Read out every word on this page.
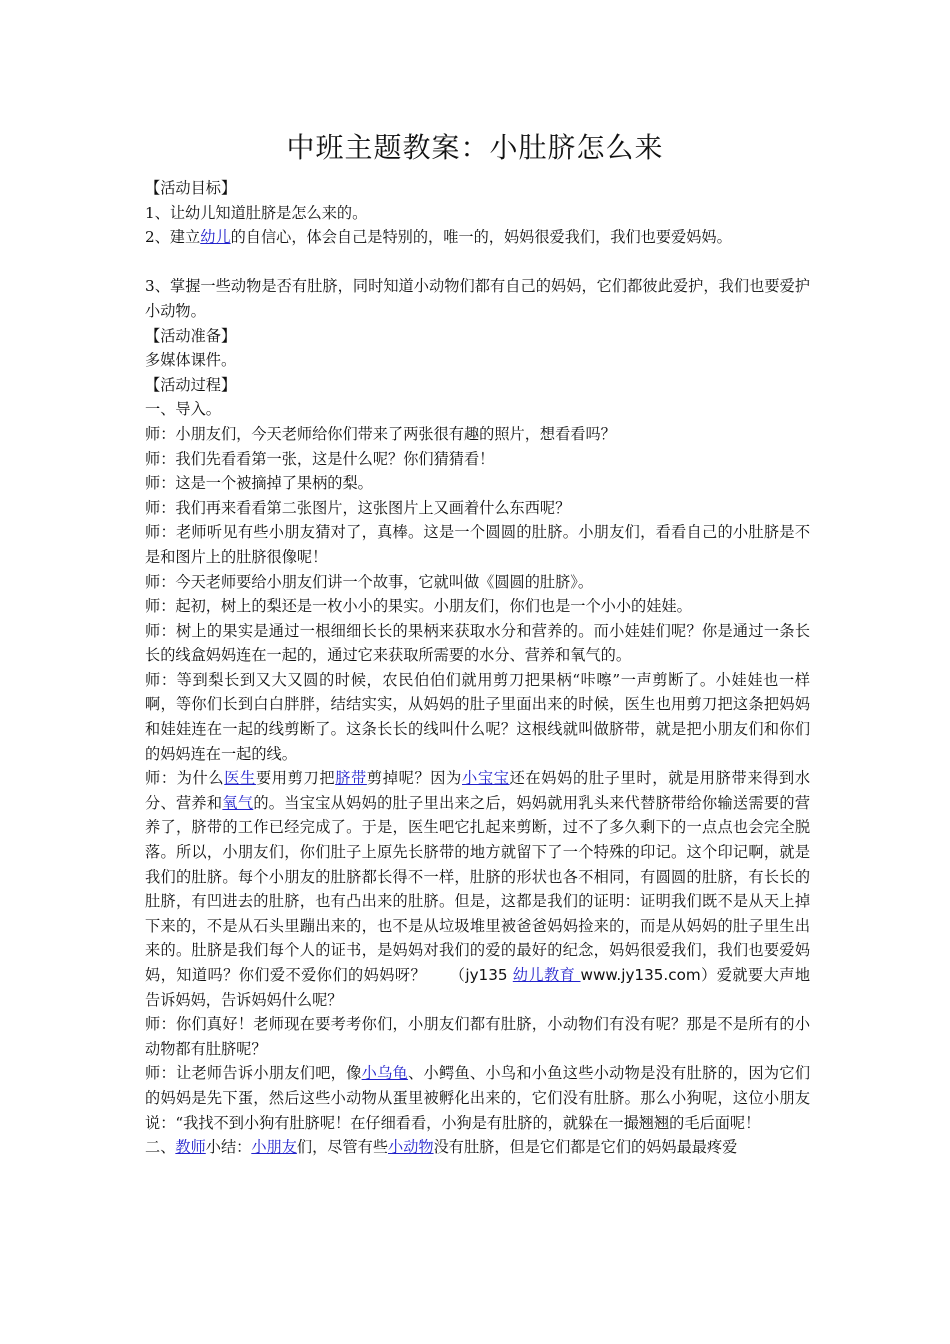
中班主题教案：小肚脐怎么来

【活动目标】

1、让幼儿知道肚脐是怎么来的。

2、建立幼儿的自信心，体会自己是特别的，唯一的，妈妈很爱我们，我们也要爱妈妈。

3、掌握一些动物是否有肚脐，同时知道小动物们都有自己的妈妈，它们都彼此爱护，我们也要爱护小动物。

【活动准备】

多媒体课件。

【活动过程】

一、导入。

师：小朋友们，今天老师给你们带来了两张很有趣的照片，想看看吗？

师：我们先看看第一张，这是什么呢？你们猜猜看！

师：这是一个被摘掉了果柄的梨。

师：我们再来看看第二张图片，这张图片上又画着什么东西呢？

师：老师听见有些小朋友猜对了，真棒。这是一个圆圆的肚脐。小朋友们，看看自己的小肚脐是不是和图片上的肚脐很像呢！

师：今天老师要给小朋友们讲一个故事，它就叫做《圆圆的肚脐》。

师：起初，树上的梨还是一枚小小的果实。小朋友们，你们也是一个小小的娃娃。

师：树上的果实是通过一根细细长长的果柄来获取水分和营养的。而小娃娃们呢？你是通过一条长长的线盒妈妈连在一起的，通过它来获取所需要的水分、营养和氧气的。

师：等到梨长到又大又圆的时候，农民伯伯们就用剪刀把果柄“咔嚓”一声剪断了。小娃娃也一样啊，等你们长到白白胖胖，结结实实，从妈妈的肚子里面出来的时候，医生也用剪刀把这条把妈妈和娃娃连在一起的线剪断了。这条长长的线叫什么呢？这根线就叫做脐带，就是把小朋友们和你们的妈妈连在一起的线。

师：为什么医生要用剪刀把脐带剪掉呢？因为小宝宝还在妈妈的肚子里时，就是用脐带来得到水分、营养和氧气的。当宝宝从妈妈的肚子里出来之后，妈妈就用乳头来代替脐带给你输送需要的营养了，脐带的工作已经完成了。于是，医生吧它扎起来剪断，过不了多久剩下的一点点也会完全脱落。所以，小朋友们，你们肚子上原先长脐带的地方就留下了一个特殊的印记。这个印记啊，就是我们的肚脐。每个小朋友的肚脐都长得不一样，肚脐的形状也各不相同，有圆圆的肚脐，有长长的肚脐，有凹进去的肚脐，也有凸出来的肚脐。但是，这都是我们的证明：证明我们既不是从天上掉下来的，不是从石头里蹦出来的，也不是从垃圾堆里被爸爸妈妈捡来的，而是从妈妈的肚子里生出来的。肚脐是我们每个人的证书，是妈妈对我们的爱的最好的纪念，妈妈很爱我们，我们也要爱妈妈，知道吗？你们爱不爱你们的妈妈呀？　　（jy135 幼儿教育 www.jy135.com）爱就要大声地告诉妈妈，告诉妈妈什么呢？

师：你们真好！老师现在要考考你们，小朋友们都有肚脐，小动物们有没有呢？那是不是所有的小动物都有肚脐呢？

师：让老师告诉小朋友们吧，像小乌龟、小鳄鱼、小鸟和小鱼这些小动物是没有肚脐的，因为它们的妈妈是先下蛋，然后这些小动物从蛋里被孵化出来的，它们没有肚脐。那么小狗呢，这位小朋友说：“我找不到小狗有肚脐呢！在仔细看看，小狗是有肚脐的，就躲在一撮翘翘的毛后面呢！

二、教师小结：小朋友们，尽管有些小动物没有肚脐，但是它们都是它们的妈妈最最疼爱
